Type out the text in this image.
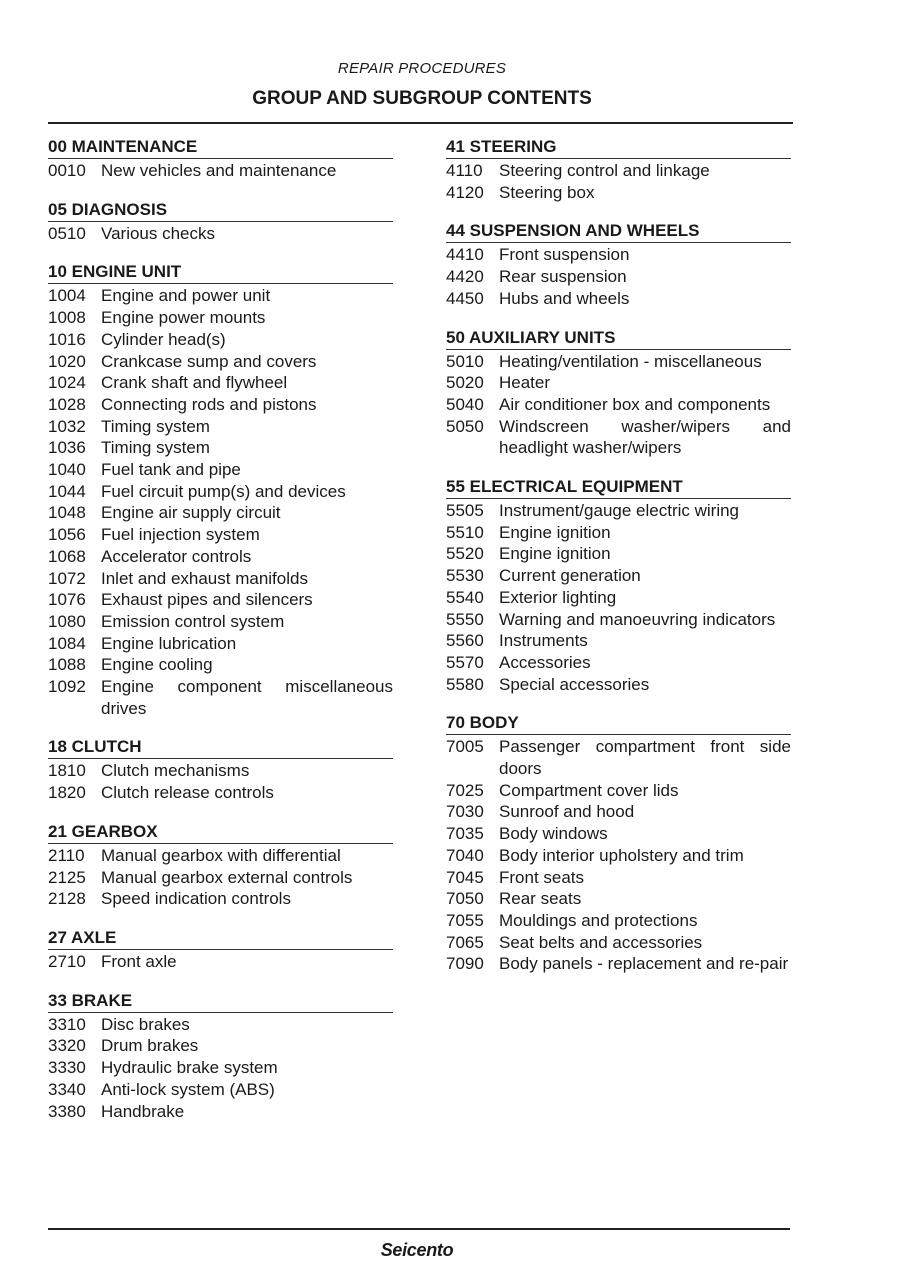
REPAIR PROCEDURES
GROUP AND SUBGROUP CONTENTS
00 MAINTENANCE
0010 New vehicles and maintenance
05 DIAGNOSIS
0510 Various checks
10 ENGINE UNIT
1004 Engine and power unit
1008 Engine power mounts
1016 Cylinder head(s)
1020 Crankcase sump and covers
1024 Crank shaft and flywheel
1028 Connecting rods and pistons
1032 Timing system
1036 Timing system
1040 Fuel tank and pipe
1044 Fuel circuit pump(s) and devices
1048 Engine air supply circuit
1056 Fuel injection system
1068 Accelerator controls
1072 Inlet and exhaust manifolds
1076 Exhaust pipes and silencers
1080 Emission control system
1084 Engine lubrication
1088 Engine cooling
1092 Engine component miscellaneous drives
18 CLUTCH
1810 Clutch mechanisms
1820 Clutch release controls
21 GEARBOX
2110 Manual gearbox with differential
2125 Manual gearbox external controls
2128 Speed indication controls
27 AXLE
2710 Front axle
33 BRAKE
3310 Disc brakes
3320 Drum brakes
3330 Hydraulic brake system
3340 Anti-lock system (ABS)
3380 Handbrake
41 STEERING
4110 Steering control and linkage
4120 Steering box
44 SUSPENSION AND WHEELS
4410 Front suspension
4420 Rear suspension
4450 Hubs and wheels
50 AUXILIARY UNITS
5010 Heating/ventilation - miscellaneous
5020 Heater
5040 Air conditioner box and components
5050 Windscreen washer/wipers and headlight washer/wipers
55 ELECTRICAL EQUIPMENT
5505 Instrument/gauge electric wiring
5510 Engine ignition
5520 Engine ignition
5530 Current generation
5540 Exterior lighting
5550 Warning and manoeuvring indicators
5560 Instruments
5570 Accessories
5580 Special accessories
70 BODY
7005 Passenger compartment front side doors
7025 Compartment cover lids
7030 Sunroof and hood
7035 Body windows
7040 Body interior upholstery and trim
7045 Front seats
7050 Rear seats
7055 Mouldings and protections
7065 Seat belts and accessories
7090 Body panels - replacement and re-pair
Seicento
